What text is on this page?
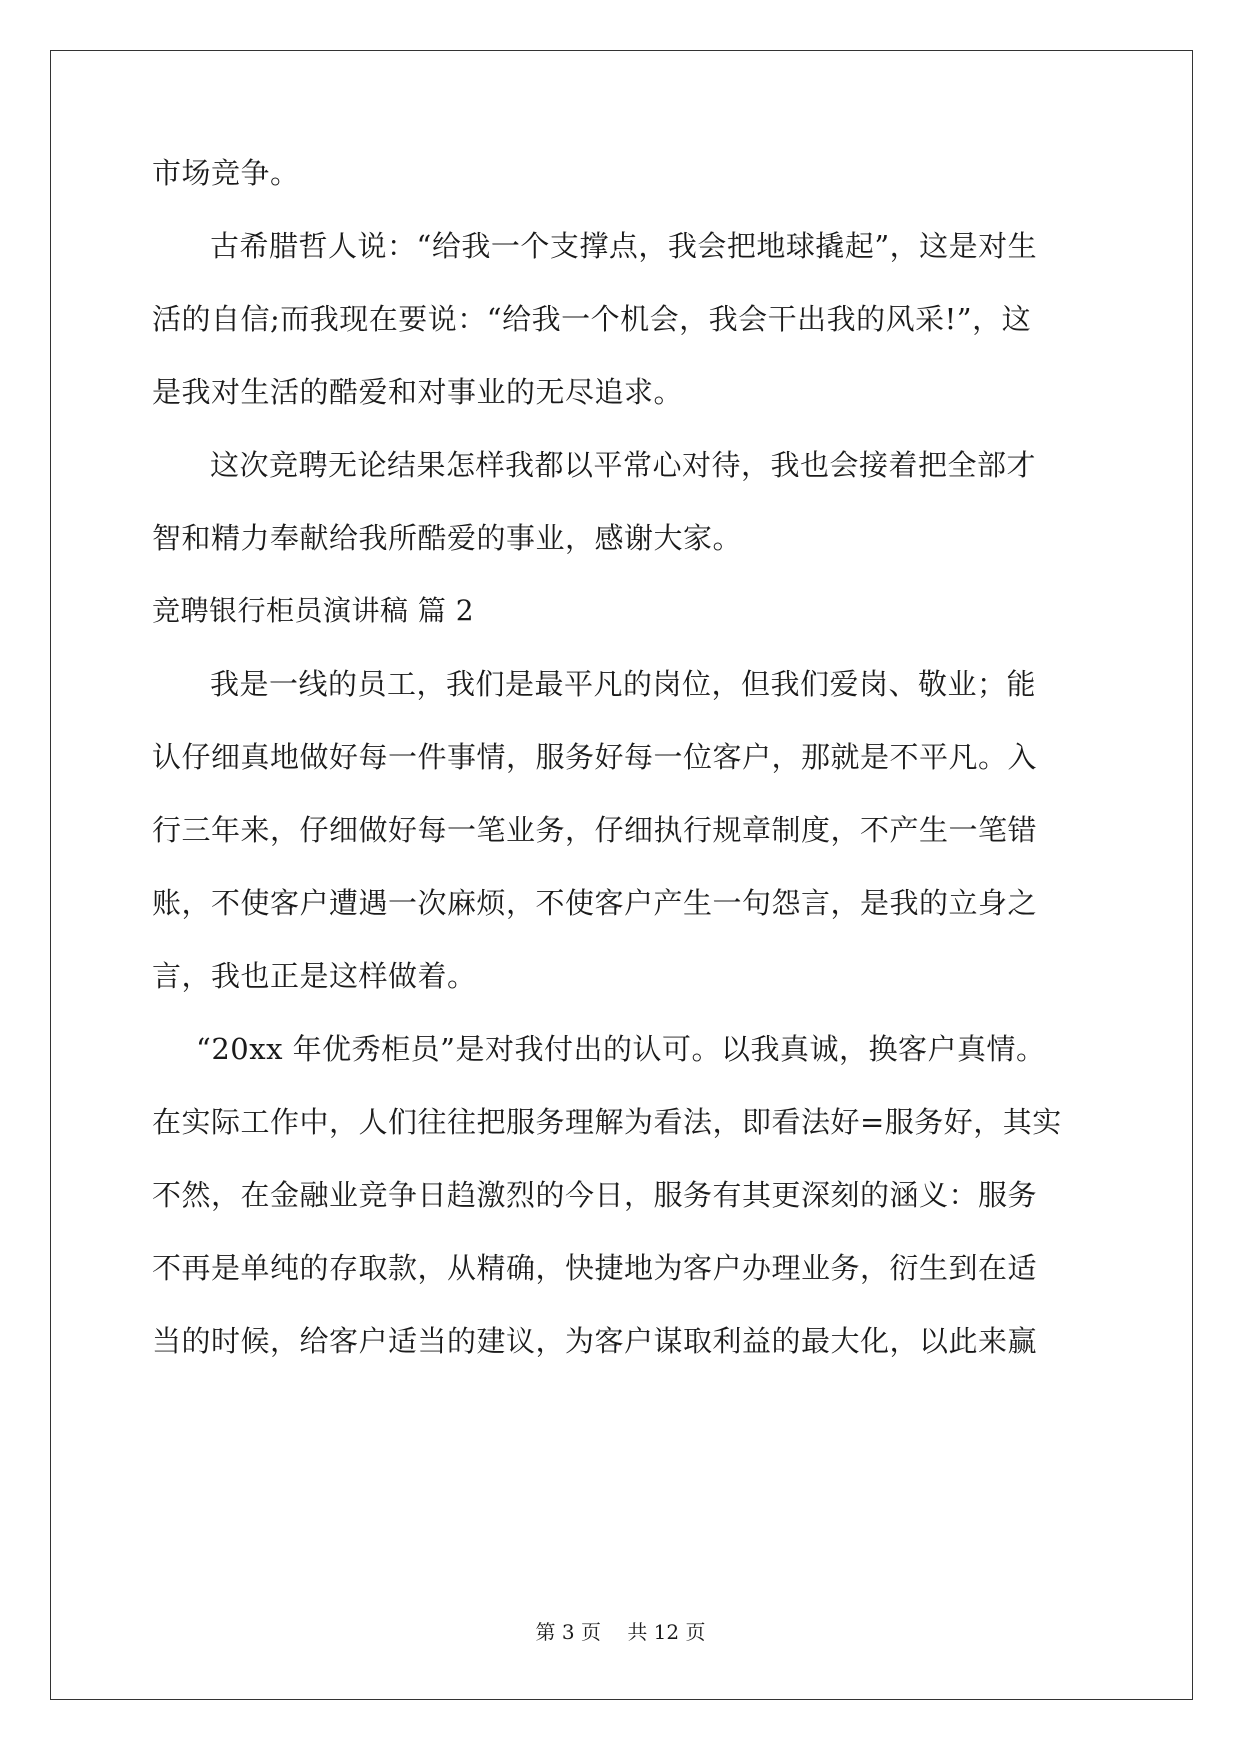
市场竞争。
古希腊哲人说：“给我一个支撑点，我会把地球撬起”，这是对生
活的自信;而我现在要说：“给我一个机会，我会干出我的风采!”，这
是我对生活的酷爱和对事业的无尽追求。
这次竞聘无论结果怎样我都以平常心对待，我也会接着把全部才
智和精力奉献给我所酷爱的事业，感谢大家。
竞聘银行柜员演讲稿 篇 2
我是一线的员工，我们是最平凡的岗位，但我们爱岗、敬业；能
认仔细真地做好每一件事情，服务好每一位客户，那就是不平凡。入
行三年来，仔细做好每一笔业务，仔细执行规章制度，不产生一笔错
账，不使客户遭遇一次麻烦，不使客户产生一句怨言，是我的立身之
言，我也正是这样做着。
“20xx 年优秀柜员”是对我付出的认可。以我真诚，换客户真情。
在实际工作中，人们往往把服务理解为看法，即看法好=服务好，其实
不然，在金融业竞争日趋激烈的今日，服务有其更深刻的涵义：服务
不再是单纯的存取款，从精确，快捷地为客户办理业务，衍生到在适
当的时候，给客户适当的建议，为客户谋取利益的最大化，以此来赢
第 3 页 共 12 页
